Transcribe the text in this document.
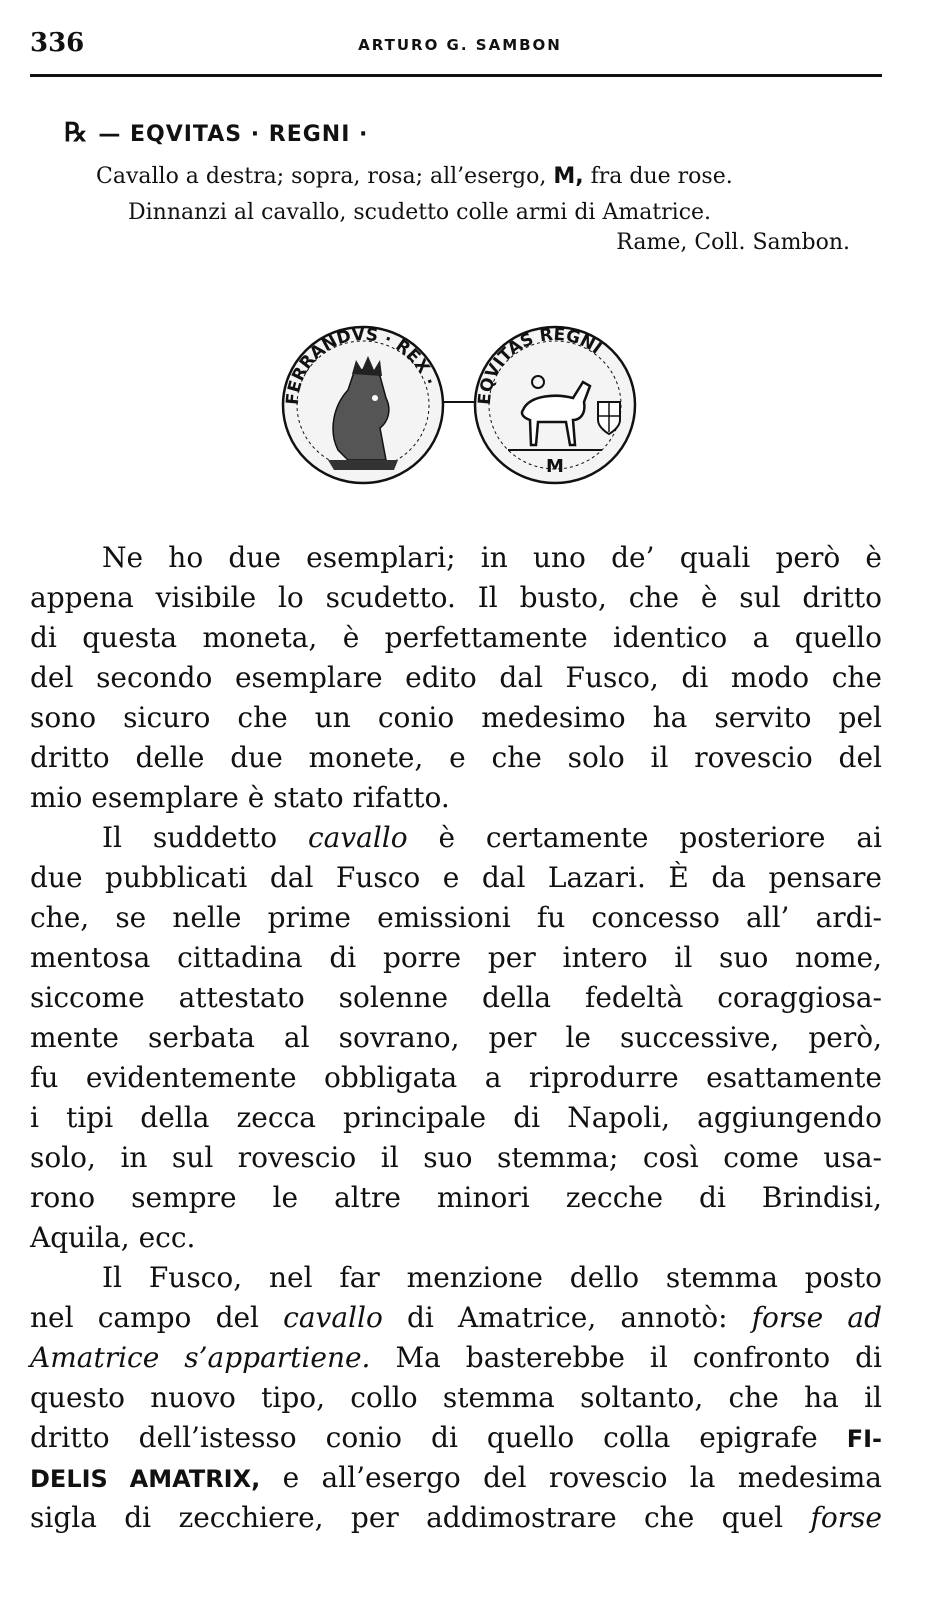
336	ARTURO G. SAMBON
℞ — EQVITAS · REGNI ·
Cavallo a destra; sopra, rosa; all’esergo, M, fra due rose.
Dinnanzi al cavallo, scudetto colle armi di Amatrice.
Rame, Coll. Sambon.
FERRANDVS · REX ·
EQVITAS REGNI
M
Ne ho due esemplari; in uno de’ quali però è
appena visibile lo scudetto. Il busto, che è sul dritto
di questa moneta, è perfettamente identico a quello
del secondo esemplare edito dal Fusco, di modo che
sono sicuro che un conio medesimo ha servito pel
dritto delle due monete, e che solo il rovescio del
mio esemplare è stato rifatto.
Il suddetto cavallo è certamente posteriore ai
due pubblicati dal Fusco e dal Lazari. È da pensare
che, se nelle prime emissioni fu concesso all’ ardi-
mentosa cittadina di porre per intero il suo nome,
siccome attestato solenne della fedeltà coraggiosa-
mente serbata al sovrano, per le successive, però,
fu evidentemente obbligata a riprodurre esattamente
i tipi della zecca principale di Napoli, aggiungendo
solo, in sul rovescio il suo stemma; così come usa-
rono sempre le altre minori zecche di Brindisi,
Aquila, ecc.
Il Fusco, nel far menzione dello stemma posto
nel campo del cavallo di Amatrice, annotò: forse ad
Amatrice s’appartiene. Ma basterebbe il confronto di
questo nuovo tipo, collo stemma soltanto, che ha il
dritto dell’istesso conio di quello colla epigrafe FI-
DELIS AMATRIX, e all’esergo del rovescio la medesima
sigla di zecchiere, per addimostrare che quel forse
